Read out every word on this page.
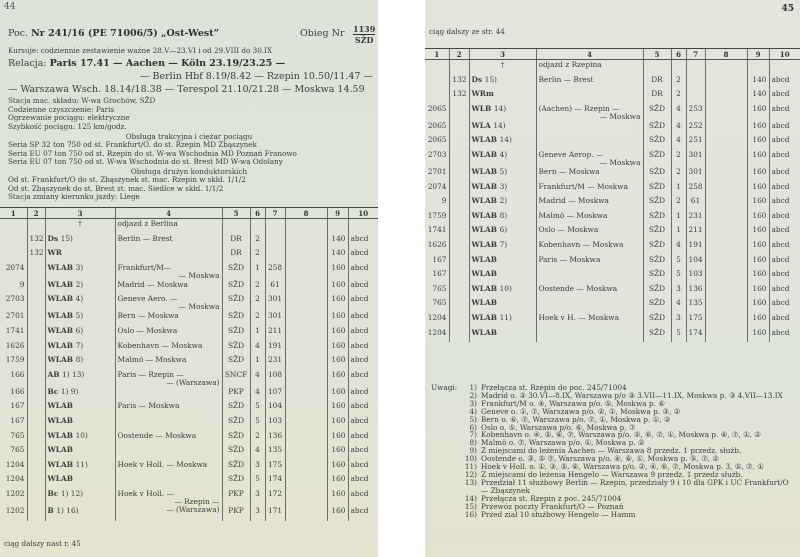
44
Poc. Nr 241/16 (PE 71006/5) „Ost-West”	Obieg Nr 1139
SŽD
Kursuje: codziennie zestawienie ważne 28.V—23.VI i od 29.VIII do 30.IX
Relacja: Paris 17.41 — Aachen — Köln 23.19/23.25 —
— Berlin Hbf 8.19/8.42 — Rzepin 10.50/11.47 —
— Warszawa Wsch. 18.14/18.38 — Terespol 21.10/21.28 — Moskwa 14.59
Stacja mac. składu: W-wa Grochów, SŽD
Codzienne czyszczenie: Paris
Ogrzewanie pociągu: elektryczne
Szybkość pociągu: 125 km/godz.
Obsługa trakcyjna i ciężar pociągu
Seria SP 32 ton 750 od st. Frankfurt/O. do st. Rzepin MD Zbąszynek
Seria EU 07 ton 750 od st. Rzepin do st. W-wa Wschodnia MD Poznań Franowo
Seria EU 07 ton 750 od st. W-wa Wschodnia do st. Brest MD W-wa Odolany
Obsługa drużyn konduktorskich
Od st. Frankfurt/O do st. Zbąszynek st. mac. Rzepin w skłd. 1/1/2
Od st. Zbąszynek do st. Brest st. mac. Siedlce w skłd. 1/1/2
Stacja zmiany kierunku jazdy: Liege
1	2	3	4	5	6	7	8	9	10
		†	odjazd z Berlina						
	132	Ds 15)	Berlin — Brest	DR	2			140	abcd
	132	WR		DR	2			140	abcd
2074		WLAB 3)	Frankfurt/M—
— Moskwa	SŽD	1	258		160	abcd
9		WLAB 2)	Madrid — Moskwa	SŽD	2	61		160	abcd
2703		WLAB 4)	Geneve Aero. —
— Moskwa	SŽD	2	301		160	abcd
2701		WLAB 5)	Bern — Moskwa	SŽD	2	301		160	abcd
1741		WLAB 6)	Oslo — Moskwa	SŽD	1	211		160	abcd
1626		WLAB 7)	Kobenhavn — Moskwa	SŽD	4	191		160	abcd
1759		WLAB 8)	Malmö — Moskwa	SŽD	1	231		160	abcd
166		AB 1) 13)	Paris — Rzepin —
— (Warszawa)	SNCF	4	108		160	abcd
166		Bc 1) 9)		PKP	4	107		160	abcd
167		WLAB	Paris — Moskwa	SŽD	5	104		160	abcd
167		WLAB		SŽD	5	103		160	abcd
765		WLAB 10)	Oostende — Moskwa	SŽD	2	136		160	abcd
765		WLAB		SŽD	4	135		160	abcd
1204		WLAB 11)	Hoek v Holl. — Moskwa	SŽD	3	175		160	abcd
1204		WLAB		SŽD	5	174		160	abcd
1202		Bc 1) 12)	Hoek v Holl. —
— Rzepin —	PKP	3	172		160	abcd
1202		B 1) 16)	— (Warszawa)	PKP	3	171		160	abcd
ciąg dalszy nast r. 45
45
ciąg dalszy ze str. 44
1	2	3	4	5	6	7	8	9	10
		†	odjazd z Rzepina						
	132	Ds 15)	Berlin — Brest	DR	2			140	abcd
	132	WRm		DR	2			140	abcd
2065		WLB 14)	(Aachen) — Rzepin —
— Moskwa	SŽD	4	253		160	abcd
2065		WLA 14)		SŽD	4	252		160	abcd
2065		WLAB 14)		SŽD	4	251		160	abcd
2703		WLAB 4)	Geneve Aerop. —
— Moskwa	SŽD	2	301		160	abcd
2701		WLAB 5)	Bern — Moskwa	SŽD	2	301		160	abcd
2074		WLAB 3)	Frankfurt/M — Moskwa	SŽD	1	258		160	abcd
9		WLAB 2)	Madrid — Moskwa	SŽD	2	61		160	abcd
1759		WLAB 8)	Malmö — Moskwa	SŽD	1	231		160	abcd
1741		WLAB 6)	Oslo — Moskwa	SŽD	1	211		160	abcd
1626		WLAB 7)	Kobenhavn — Moskwa	SŽD	4	191		160	abcd
167		WLAB	Paris — Moskwa	SŽD	5	104		160	abcd
167		WLAB		SŽD	5	103		160	abcd
765		WLAB 10)	Oostende — Moskwa	SŽD	3	136		160	abcd
765		WLAB		SŽD	4	135		160	abcd
1204		WLAB 11)	Hoek v H. — Moskwa	SŽD	3	175		160	abcd
1204		WLAB		SŽD	5	174		160	abcd
Uwagi:	1) Przełącza st. Rzepin do poc. 245/71004
2) Madrid o. ③ 30.VI—8.IX, Warszawa p/o ③ 3.VII—11.IX, Moskwa p. ③ 4.VII—13.IX
3) Frankfurt/M o. ④, Warszawa p/o. ⑤, Moskwa p. ⑥
4) Geneve o. ①, ⑦, Warszawa p/o. ②, ①, Moskwa p. ③, ②
5) Bern o. ⑥, ⑦, Warszawa p/o. ⑦, ①, Moskwa p. ①, ②
6) Oslo o. ⑤, Warszawa p/o. ⑥, Moskwa p. ⑦
7) Kobenhavn o. ④, ⑤, ⑥, ⑦, Warszawa p/o. ⑤, ⑥, ⑦, ①, Moskwa p. ⑥, ⑦, ①, ②
8) Malmö o. ⑦, Warszawa p/o. ①, Moskwa p. ②
9) Z miejscami do leżenia Aachen — Warszawa 8 przedz. 1 przedz. służb.
10) Oostende o. ③, ⑤ ⑦, Warszawa p/o. ④, ⑥, ①, Moskwa p. ⑤, ⑦, ②
11) Hoek v Holl. o. ①, ③, ⑤, ⑥, Warszawa p/o. ②, ④, ⑥, ⑦, Moskwa p. 3, ⑤, ⑦, ①
12) Z miejscami do leżenia Hengelo — Warszawa 9 przedz. 1 przedz służb.
13) Przedział 11 służbowy Berlin — Rzepin, przedziały 9 i 10 dla GPK i UC Frankfurt/O — Zbąszynek
14) Przełącza st. Rzepin z poc. 245/71004
15) Przewóz poczty Frankfurt/O — Poznań
16) Przed ział 10 służbowy Hengelo — Hamm
